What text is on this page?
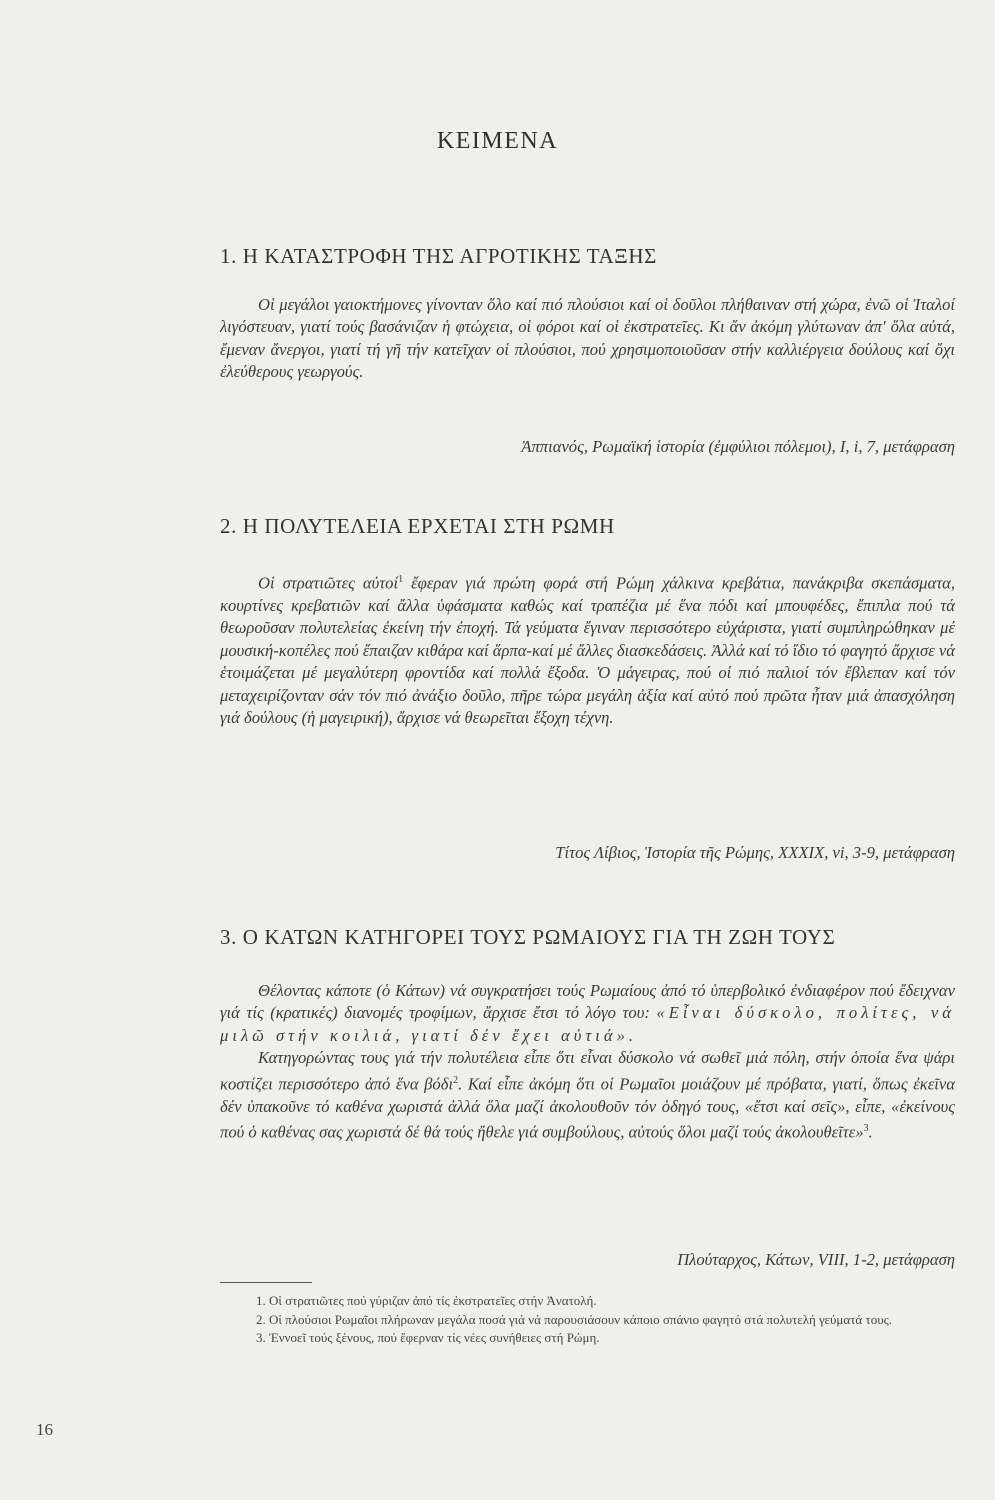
ΚΕΙΜΕΝΑ
1. Η ΚΑΤΑΣΤΡΟΦΗ ΤΗΣ ΑΓΡΟΤΙΚΗΣ ΤΑΞΗΣ

Οἱ μεγάλοι γαιοκτήμονες γίνονταν ὅλο καί πιό πλούσιοι καί οἱ δοῦλοι πλήθαιναν στή χώρα, ἐνῶ οἱ Ἰταλοί λιγόστευαν, γιατί τούς βασάνιζαν ἡ φτώχεια, οἱ φόροι καί οἱ ἐκστρατεῖες. Κι ἄν ἀκόμη γλύτωναν ἀπ' ὅλα αὐτά, ἔμεναν ἄνεργοι, γιατί τή γῆ τήν κατεῖχαν οἱ πλούσιοι, πού χρησιμοποιοῦσαν στήν καλλιέργεια δούλους καί ὄχι ἐλεύθερους γεωργούς.

Ἀππιανός, Ρωμαϊκή ἱστορία (ἐμφύλιοι πόλεμοι), I, i, 7, μετάφραση
2. Η ΠΟΛΥΤΕΛΕΙΑ ΕΡΧΕΤΑΙ ΣΤΗ ΡΩΜΗ

Οἱ στρατιῶτες αὐτοί$^1$ ἔφεραν γιά πρώτη φορά στή Ρώμη χάλκινα κρεβάτια, πανάκριβα σκεπάσματα, κουρτίνες κρεβατιῶν καί ἄλλα ὑφάσματα καθώς καί τραπέζια μέ ἕνα πόδι καί μπουφέδες, ἔπιπλα πού τά θεωροῦσαν πολυτελείας ἐκείνη τήν ἐποχή. Τά γεύματα ἔγιναν περισσότερο εὐχάριστα, γιατί συμπληρώθηκαν μέ μουσική-κοπέλες πού ἔπαιζαν κιθάρα καί ἅρπα-καί μέ ἄλλες διασκεδάσεις. Ἀλλά καί τό ἴδιο τό φαγητό ἄρχισε νά ἑτοιμάζεται μέ μεγαλύτερη φροντίδα καί πολλά ἔξοδα. Ὁ μάγειρας, πού οἱ πιό παλιοί τόν ἔβλεπαν καί τόν μεταχειρίζονταν σάν τόν πιό ἀνάξιο δοῦλο, πῆρε τώρα μεγάλη ἀξία καί αὐτό πού πρῶτα ἦταν μιά ἀπασχόληση γιά δούλους (ἡ μαγειρική), ἄρχισε νά θεωρεῖται ἔξοχη τέχνη.

Τίτος Λίβιος, Ἱστορία τῆς Ρώμης, XXXIX, vi, 3-9, μετάφραση
3. Ο ΚΑΤΩΝ ΚΑΤΗΓΟΡΕΙ ΤΟΥΣ ΡΩΜΑΙΟΥΣ ΓΙΑ ΤΗ ΖΩΗ ΤΟΥΣ

Θέλοντας κάποτε (ὁ Κάτων) νά συγκρατήσει τούς Ρωμαίους ἀπό τό ὑπερβολικό ἐνδιαφέρον πού ἔδειχναν γιά τίς (κρατικές) διανομές τροφίμων, ἄρχισε ἔτσι τό λόγο του: «Εἶναι δύσκολο, πολίτες, νά μιλῶ στήν κοιλιά, γιατί δέν ἔχει αὐτιά».

Κατηγορώντας τους γιά τήν πολυτέλεια εἶπε ὅτι εἶναι δύσκολο νά σωθεῖ μιά πόλη, στήν ὁποία ἕνα ψάρι κοστίζει περισσότερο ἀπό ἕνα βόδι$^2$. Καί εἶπε ἀκόμη ὅτι οἱ Ρωμαῖοι μοιάζουν μέ πρόβατα, γιατί, ὅπως ἐκεῖνα δέν ὑπακοῦνε τό καθένα χωριστά ἀλλά ὅλα μαζί ἀκολουθοῦν τόν ὁδηγό τους, «ἔτσι καί σεῖς», εἶπε, «ἐκείνους πού ὁ καθένας σας χωριστά δέ θά τούς ἤθελε γιά συμβούλους, αὐτούς ὅλοι μαζί τούς ἀκολουθεῖτε»$^3$.

Πλούταρχος, Κάτων, VIII, 1-2, μετάφραση
1. Οἱ στρατιῶτες πού γύριζαν ἀπό τίς ἐκστρατεῖες στήν Ἀνατολή.
2. Οἱ πλούσιοι Ρωμαῖοι πλήρωναν μεγάλα ποσά γιά νά παρουσιάσουν κάποιο σπάνιο φαγητό στά πολυτελή γεύματά τους.
3. Ἐννοεῖ τούς ξένους, πού ἔφερναν τίς νέες συνήθειες στή Ρώμη.
16
